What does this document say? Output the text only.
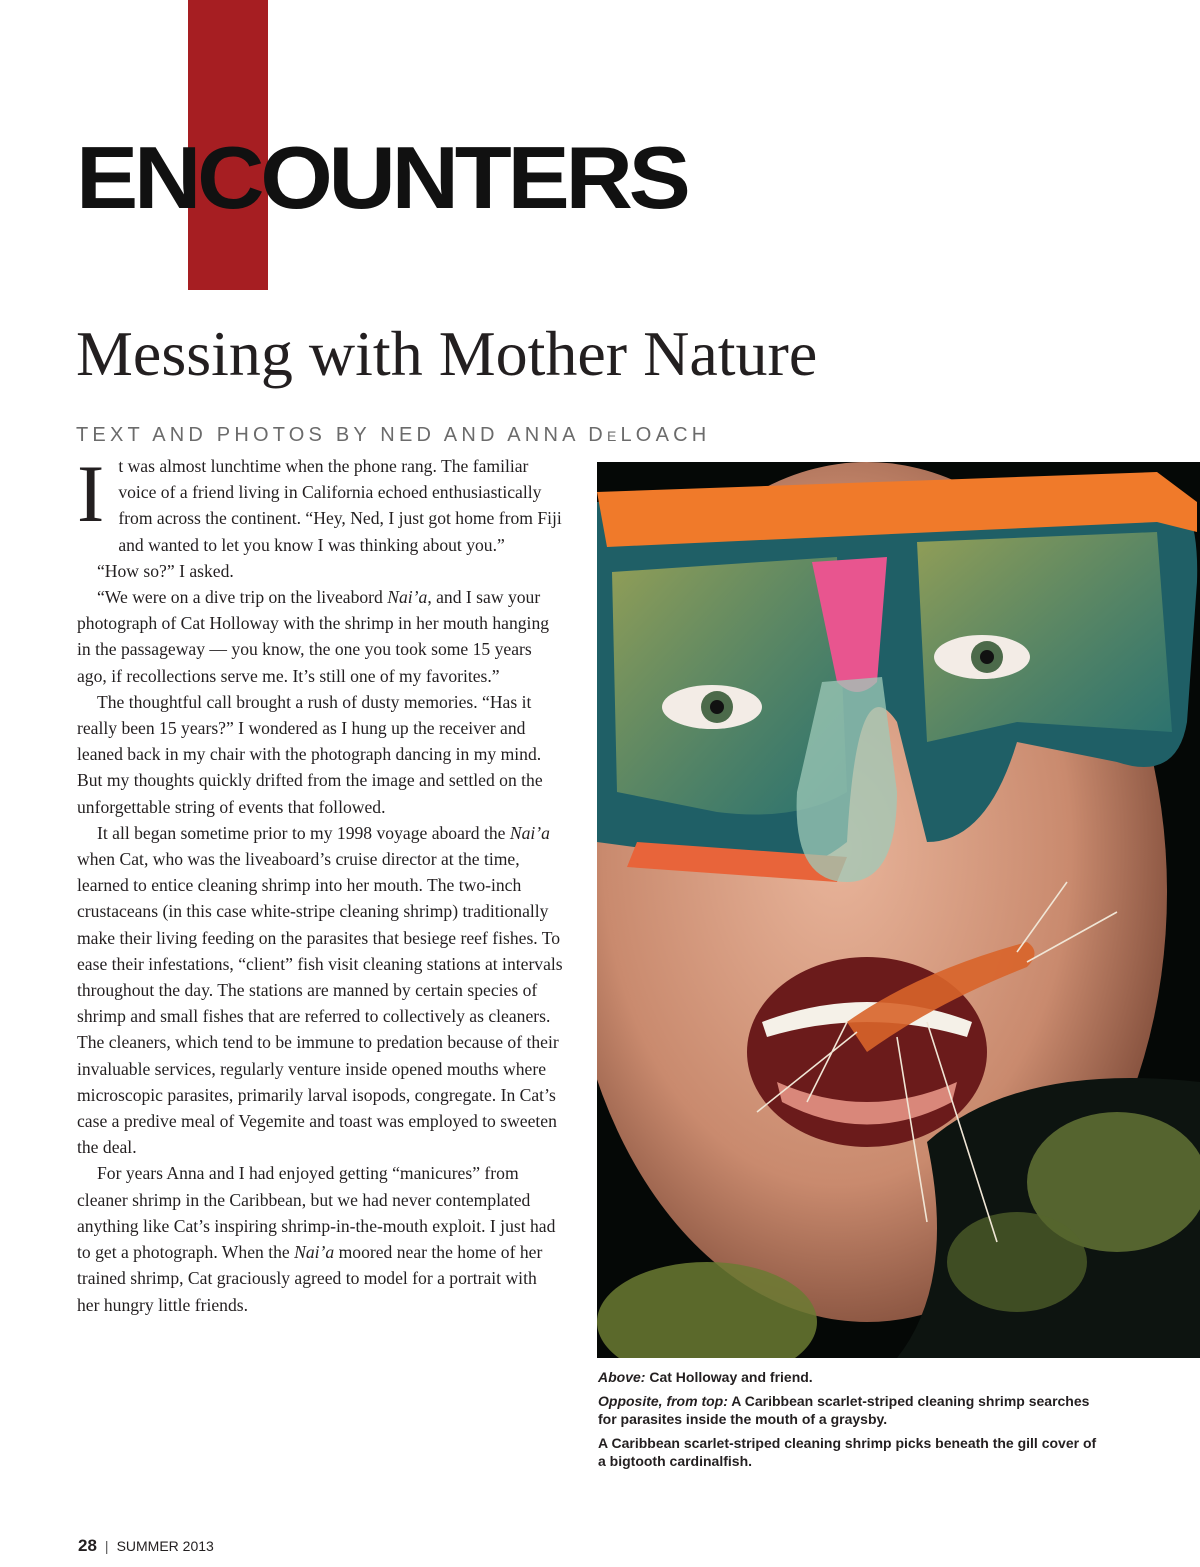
ENCOUNTERS
Messing with Mother Nature
TEXT AND PHOTOS BY NED AND ANNA DELOACH

It was almost lunchtime when the phone rang. The familiar voice of a friend living in California echoed enthusiastically from across the continent. “Hey, Ned, I just got home from Fiji and wanted to let you know I was thinking about you.”

“How so?” I asked.

“We were on a dive trip on the liveabord Nai’a, and I saw your photograph of Cat Holloway with the shrimp in her mouth hanging in the passageway — you know, the one you took some 15 years ago, if recollections serve me. It’s still one of my favorites.”

The thoughtful call brought a rush of dusty memories. “Has it really been 15 years?” I wondered as I hung up the receiver and leaned back in my chair with the photograph dancing in my mind. But my thoughts quickly drifted from the image and settled on the unforgettable string of events that followed.

It all began sometime prior to my 1998 voyage aboard the Nai’a when Cat, who was the liveaboard’s cruise director at the time, learned to entice cleaning shrimp into her mouth. The two-inch crustaceans (in this case white-stripe cleaning shrimp) traditionally make their living feeding on the parasites that besiege reef fishes. To ease their infestations, “client” fish visit cleaning stations at intervals throughout the day. The stations are manned by certain species of shrimp and small fishes that are referred to collectively as cleaners. The cleaners, which tend to be immune to predation because of their invaluable services, regularly venture inside opened mouths where microscopic parasites, primarily larval isopods, congregate. In Cat’s case a predive meal of Vegemite and toast was employed to sweeten the deal.

For years Anna and I had enjoyed getting “manicures” from cleaner shrimp in the Caribbean, but we had never contemplated anything like Cat’s inspiring shrimp-in-the-mouth exploit. I just had to get a photograph. When the Nai’a moored near the home of her trained shrimp, Cat graciously agreed to model for a portrait with her hungry little friends.

Above: Cat Holloway and friend.

Opposite, from top: A Caribbean scarlet-striped cleaning shrimp searches for parasites inside the mouth of a graysby.

A Caribbean scarlet-striped cleaning shrimp picks beneath the gill cover of a bigtooth cardinalfish.

28 | SUMMER 2013
